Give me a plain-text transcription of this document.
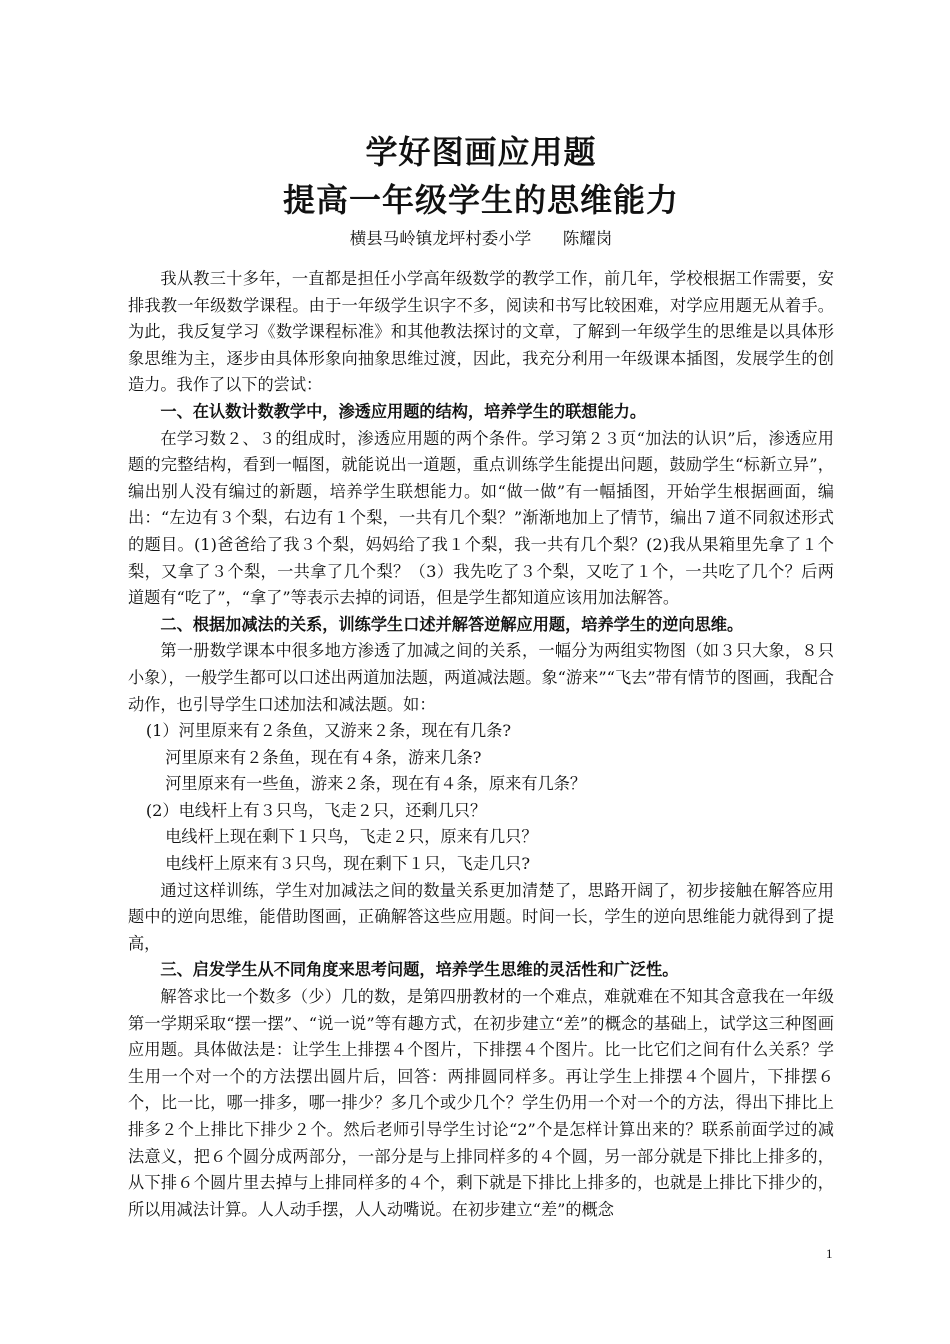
学好图画应用题
提高一年级学生的思维能力
横县马岭镇龙坪村委小学      陈耀岗

我从教三十多年，一直都是担任小学高年级数学的教学工作，前几年，学校根据工作需要，安排我教一年级数学课程。由于一年级学生识字不多，阅读和书写比较困难，对学应用题无从着手。为此，我反复学习《数学课程标准》和其他教法探讨的文章，了解到一年级学生的思维是以具体形象思维为主，逐步由具体形象向抽象思维过渡，因此，我充分利用一年级课本插图，发展学生的创造力。我作了以下的尝试：

一、在认数计数教学中，渗透应用题的结构，培养学生的联想能力。

在学习数２、３的组成时，渗透应用题的两个条件。学习第２３页“加法的认识”后，渗透应用题的完整结构，看到一幅图，就能说出一道题，重点训练学生能提出问题，鼓励学生“标新立异”，编出别人没有编过的新题，培养学生联想能力。如“做一做”有一幅插图，开始学生根据画面，编出：“左边有３个梨，右边有１个梨，一共有几个梨？”渐渐地加上了情节，编出７道不同叙述形式的题目。(1)爸爸给了我３个梨，妈妈给了我１个梨，我一共有几个梨？(2)我从果箱里先拿了１个梨，又拿了３个梨，一共拿了几个梨？（3）我先吃了３个梨，又吃了１个，一共吃了几个？后两道题有“吃了”，“拿了”等表示去掉的词语，但是学生都知道应该用加法解答。

二、根据加减法的关系，训练学生口述并解答逆解应用题，培养学生的逆向思维。

第一册数学课本中很多地方渗透了加减之间的关系，一幅分为两组实物图（如３只大象，８只小象），一般学生都可以口述出两道加法题，两道减法题。象“游来”“飞去”带有情节的图画，我配合动作，也引导学生口述加法和减法题。如：

(1）河里原来有２条鱼，又游来２条，现在有几条?

河里原来有２条鱼，现在有４条，游来几条?

河里原来有一些鱼，游来２条，现在有４条，原来有几条？

(2）电线杆上有３只鸟，飞走２只，还剩几只？

电线杆上现在剩下１只鸟，飞走２只，原来有几只？

电线杆上原来有３只鸟，现在剩下１只，飞走几只?

通过这样训练，学生对加减法之间的数量关系更加清楚了，思路开阔了，初步接触在解答应用题中的逆向思维，能借助图画，正确解答这些应用题。时间一长，学生的逆向思维能力就得到了提高，

三、启发学生从不同角度来思考问题，培养学生思维的灵活性和广泛性。

解答求比一个数多（少）几的数，是第四册教材的一个难点，难就难在不知其含意我在一年级第一学期采取“摆一摆”、“说一说”等有趣方式，在初步建立“差”的概念的基础上，试学这三种图画应用题。具体做法是：让学生上排摆４个图片，下排摆４个图片。比一比它们之间有什么关系？学生用一个对一个的方法摆出圆片后，回答：两排圆同样多。再让学生上排摆４个圆片，下排摆６个，比一比，哪一排多，哪一排少？多几个或少几个？学生仍用一个对一个的方法，得出下排比上排多２个上排比下排少２个。然后老师引导学生讨论“2”个是怎样计算出来的？联系前面学过的减法意义，把６个圆分成两部分，一部分是与上排同样多的４个圆，另一部分就是下排比上排多的，从下排６个圆片里去掉与上排同样多的４个，剩下就是下排比上排多的，也就是上排比下排少的，所以用减法计算。人人动手摆，人人动嘴说。在初步建立“差”的概念

1
